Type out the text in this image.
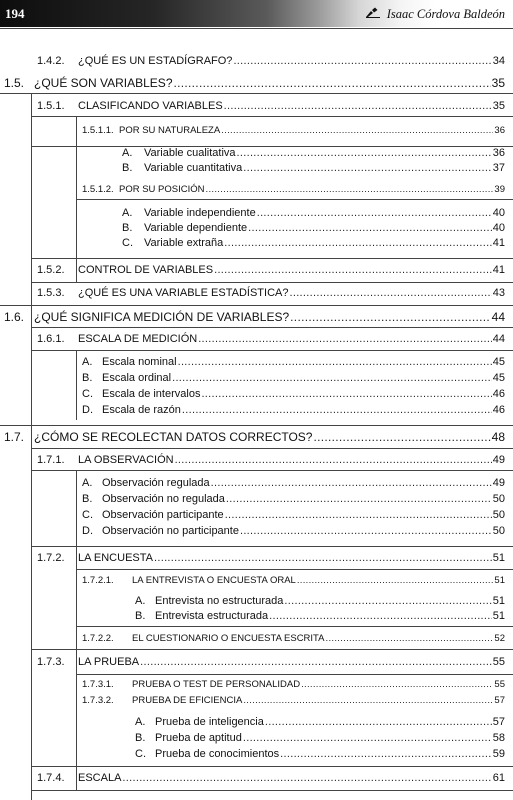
194	Isaac Córdova Baldeón
1.4.2.	¿QUÉ ES UN ESTADÍGRAFO? .....	34
1.5. ¿QUÉ SON VARIABLES? .....	35
1.5.1.	CLASIFICANDO VARIABLES .....	35
1.5.1.1. POR SU NATURALEZA .....	36
A.	Variable cualitativa .....	36
B.	Variable cuantitativa .....	37
1.5.1.2. POR SU POSICIÓN .....	39
A.	Variable independiente .....	40
B.	Variable dependiente .....	40
C.	Variable extraña .....	41
1.5.2.	CONTROL DE VARIABLES .....	41
1.5.3.	¿QUÉ ES UNA VARIABLE ESTADÍSTICA? .....	43
1.6. ¿QUÉ SIGNIFICA MEDICIÓN DE VARIABLES? .....	44
1.6.1.	ESCALA DE MEDICIÓN .....	44
A. Escala nominal .....	45
B. Escala ordinal .....	45
C. Escala de intervalos .....	46
D. Escala de razón .....	46
1.7. ¿CÓMO SE RECOLECTAN DATOS CORRECTOS? .....	48
1.7.1.	LA OBSERVACIÓN .....	49
A. Observación regulada .....	49
B. Observación no regulada .....	50
C. Observación participante .....	50
D. Observación no participante .....	50
1.7.2.	LA ENCUESTA .....	51
1.7.2.1.	LA ENTREVISTA O ENCUESTA ORAL .....	51
A. Entrevista no estructurada .....	51
B. Entrevista estructurada .....	51
1.7.2.2.	EL CUESTIONARIO O ENCUESTA ESCRITA .....	52
1.7.3.	LA PRUEBA .....	55
1.7.3.1.	PRUEBA O TEST DE PERSONALIDAD .....	55
1.7.3.2.	PRUEBA DE EFICIENCIA .....	57
A. Prueba de inteligencia .....	57
B. Prueba de aptitud .....	58
C. Prueba de conocimientos .....	59
1.7.4.	ESCALA .....	61
